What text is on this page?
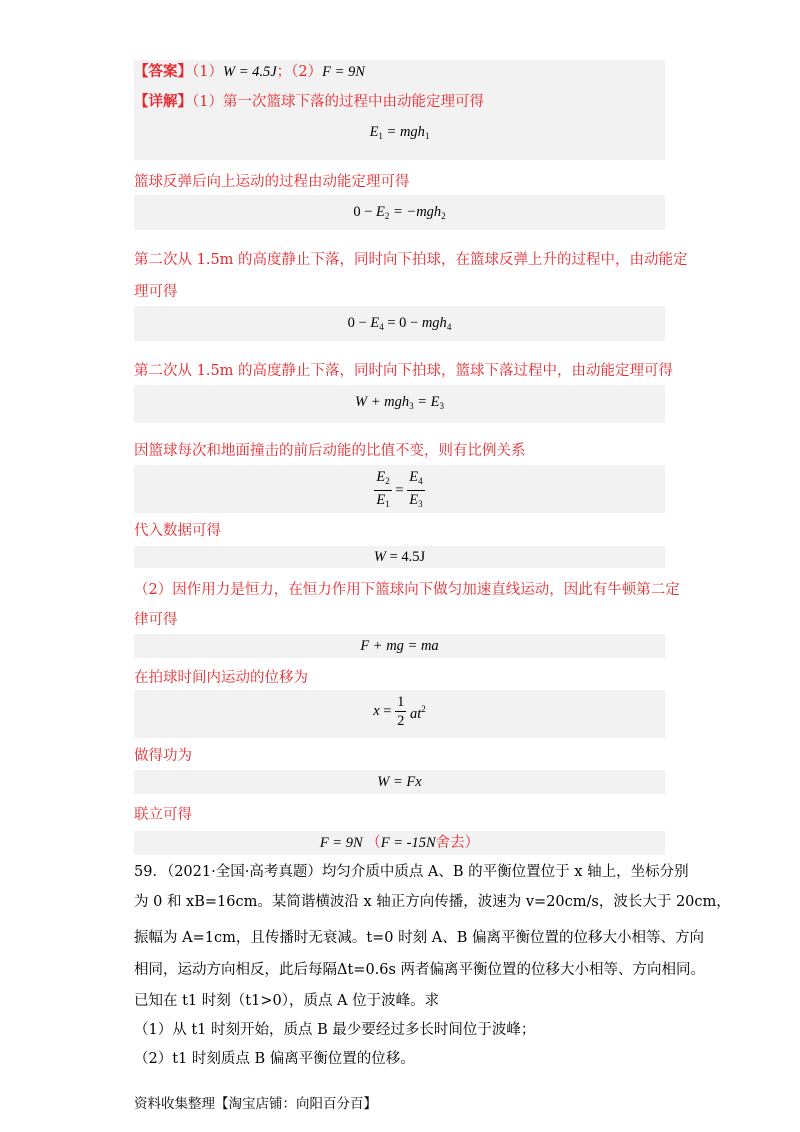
【答案】（1）W = 4.5J；（2）F = 9N
【详解】（1）第一次篮球下落的过程中由动能定理可得
$E_1 = mgh_1$
篮球反弹后向上运动的过程由动能定理可得
$0 - E_2 = -mgh_2$
第二次从 1.5m 的高度静止下落，同时向下拍球，在篮球反弹上升的过程中，由动能定
理可得
$0 - E_4 = 0 - mgh_4$
第二次从 1.5m 的高度静止下落，同时向下拍球，篮球下落过程中，由动能定理可得
$W + mgh_3 = E_3$
因篮球每次和地面撞击的前后动能的比值不变，则有比例关系
$\frac{E_2}{E_1} = \frac{E_4}{E_3}$
代入数据可得
W = 4.5J
（2）因作用力是恒力，在恒力作用下篮球向下做匀加速直线运动，因此有牛顿第二定
律可得
F + mg = ma
在拍球时间内运动的位移为
$x = \frac{1}{2} at^2$
做得功为
W = Fx
联立可得
F = 9N （F = -15N舍去）
59．（2021·全国·高考真题）均匀介质中质点 A、B 的平衡位置位于 x 轴上，坐标分别
为 0 和 xB=16cm。某简谐横波沿 x 轴正方向传播，波速为 v=20cm/s，波长大于 20cm，
振幅为 A=1cm，且传播时无衰减。t=0 时刻 A、B 偏离平衡位置的位移大小相等、方向
相同，运动方向相反，此后每隔Δt=0.6s 两者偏离平衡位置的位移大小相等、方向相同。
已知在 t1 时刻（t1>0），质点 A 位于波峰。求
（1）从 t1 时刻开始，质点 B 最少要经过多长时间位于波峰；
（2）t1 时刻质点 B 偏离平衡位置的位移。
资料收集整理【淘宝店铺：向阳百分百】
